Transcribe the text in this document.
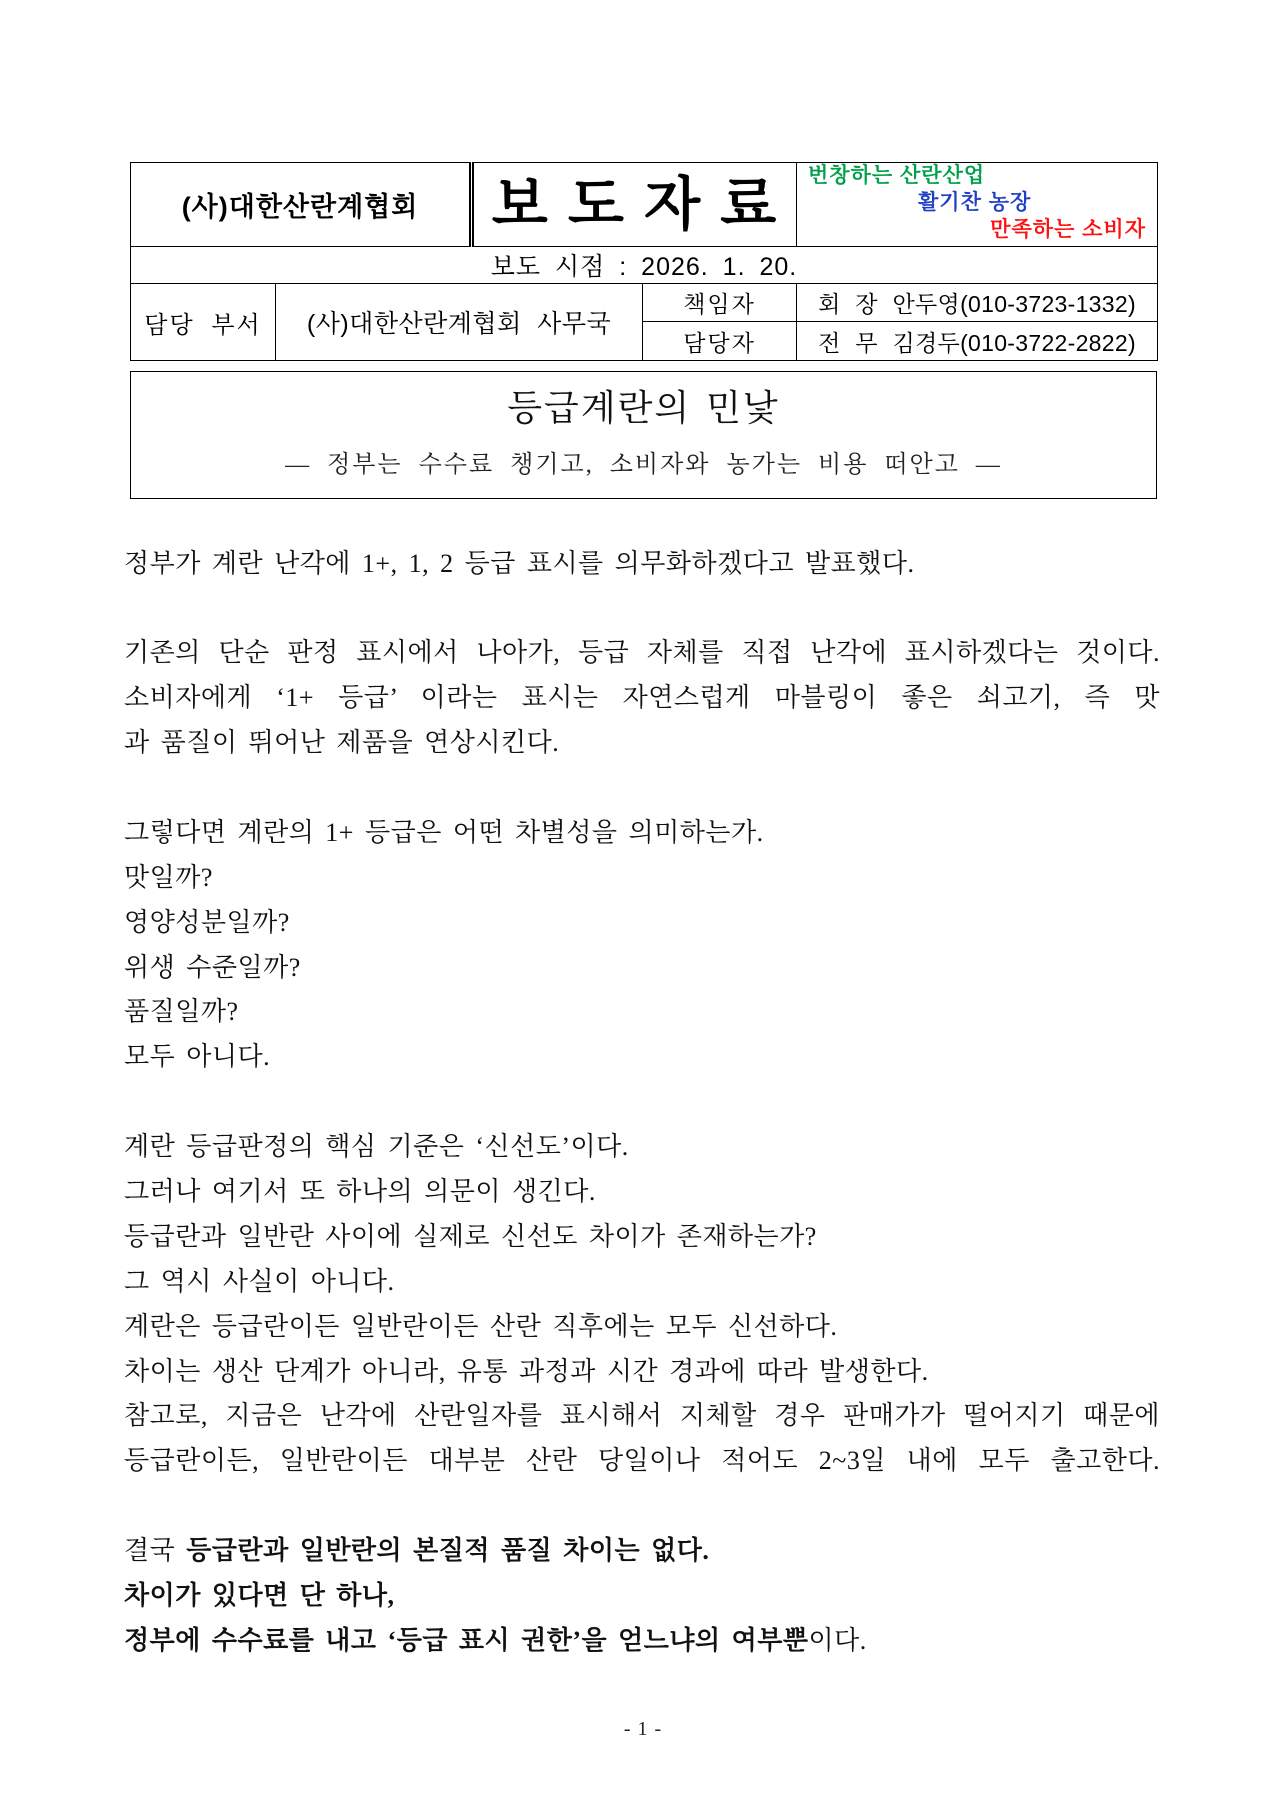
(사)대한산란계협회		보 도 자 료		번창하는 산란산업
활기찬 농장
만족하는 소비자

보도 시점 : 2026. 1. 20.				
담당 부서	(사)대한산란계협회 사무국		책임자	회 장 안두영(010-3723-1332)
			담당자	전 무 김경두(010-3722-2822)
등급계란의 민낯
— 정부는 수수료 챙기고, 소비자와 농가는 비용 떠안고 —
정부가 계란 난각에 1+, 1, 2 등급 표시를 의무화하겠다고 발표했다.
기존의 단순 판정 표시에서 나아가, 등급 자체를 직접 난각에 표시하겠다는 것이다.
소비자에게 ‘1+ 등급’ 이라는 표시는 자연스럽게 마블링이 좋은 쇠고기, 즉 맛
과 품질이 뛰어난 제품을 연상시킨다.
그렇다면 계란의 1+ 등급은 어떤 차별성을 의미하는가.
맛일까?
영양성분일까?
위생 수준일까?
품질일까?
모두 아니다.
계란 등급판정의 핵심 기준은 ‘신선도’이다.
그러나 여기서 또 하나의 의문이 생긴다.
등급란과 일반란 사이에 실제로 신선도 차이가 존재하는가?
그 역시 사실이 아니다.
계란은 등급란이든 일반란이든 산란 직후에는 모두 신선하다.
차이는 생산 단계가 아니라, 유통 과정과 시간 경과에 따라 발생한다.
참고로, 지금은 난각에 산란일자를 표시해서 지체할 경우 판매가가 떨어지기 때문에
등급란이든, 일반란이든 대부분 산란 당일이나 적어도 2~3일 내에 모두 출고한다.
결국 등급란과 일반란의 본질적 품질 차이는 없다.
차이가 있다면 단 하나,
정부에 수수료를 내고 ‘등급 표시 권한’을 얻느냐의 여부뿐이다.
- 1 -
